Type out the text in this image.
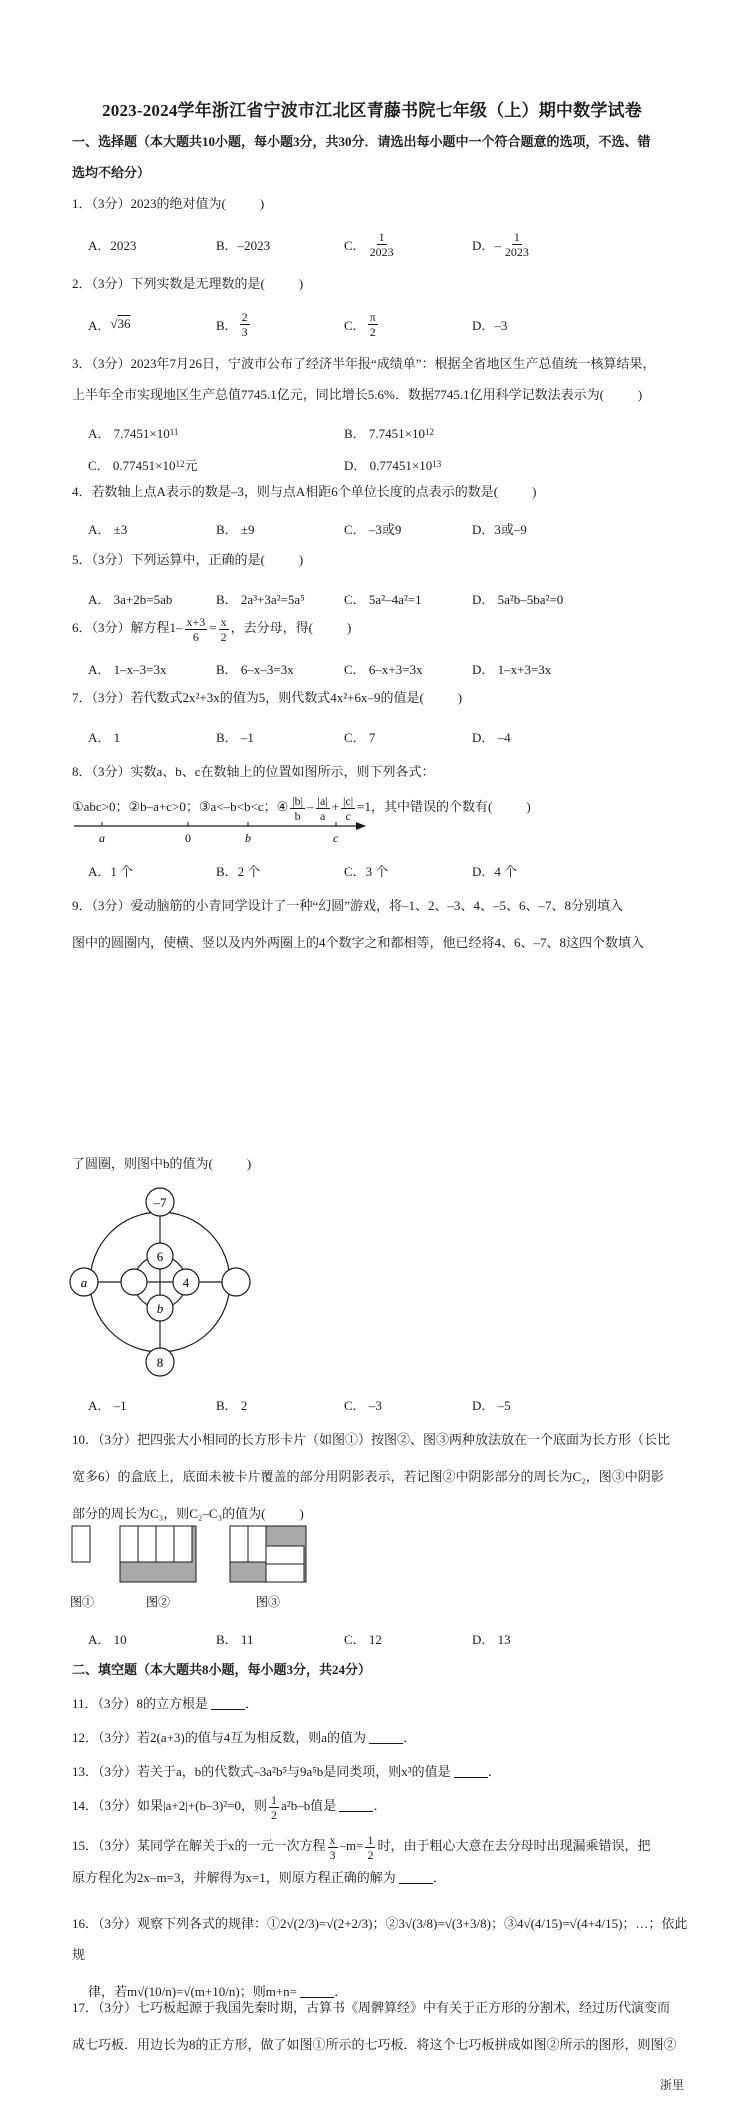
2023-2024学年浙江省宁波市江北区青藤书院七年级（上）期中数学试卷
一、选择题（本大题共10小题，每小题3分，共30分．请选出每小题中一个符合题意的选项，不选、错
选均不给分）
1．（3分）2023的绝对值为(	)
A．2023	B．–2023	C． $\frac{1}{2023}$	D．– $\frac{1}{2023}$
2．（3分）下列实数是无理数的是(	)
A． √ 36	B． $\frac{2}{3}$	C． $\frac{\pi}{2}$	D．–3
3．（3分）2023年7月26日，宁波市公布了经济半年报“成绩单”：根据全省地区生产总值统一核算结果，
上半年全市实现地区生产总值7745.1亿元，同比增长5.6%．数据7745.1亿用科学记数法表示为(	)
A． 7.7451×10 11	B． 7.7451×10 12
C． 0.77451×10 12 元	D． 0.77451×10 13
4．若数轴上点A表示的数是–3，则与点A相距6个单位长度的点表示的数是(	)
A． ±3	B． ±9	C． –3或9	D．3或–9
5．（3分）下列运算中，正确的是(	)
A． 3a+2b=5ab	B． 2a³+3a²=5a⁵	C． 5a²–4a²=1	D． 5a²b–5ba²=0
6．（3分）解方程$1- \frac{x+3}{6} = \frac{x}{2}$ ，去分母，得(	)
A． 1–x–3=3x	B． 6–x–3=3x	C． 6–x+3=3x	D． 1–x+3=3x
7．（3分）若代数式2x²+3x的值为5，则代数式4x²+6x–9的值是(	)
A． 1	B． –1	C． 7	D． –4
8．（3分）实数a、b、c在数轴上的位置如图所示，则下列各式：
①abc>0；②b–a+c>0；③a<–b<b<c；④ $\frac{|b|}{b} - \frac{|a|}{a} + \frac{|c|}{c} =1$，其中错误的个数有(	)
a	0	b	c
A．1 个	B．2 个	C．3 个	D．4 个
9．（3分）爱动脑筋的小青同学设计了一种“幻圆”游戏，将–1、2、–3、4、–5、6、–7、8分别填入
图中的圆圈内，使横、竖以及内外两圈上的4个数字之和都相等，他已经将4、6、–7、8这四个数填入
了圆圈，则图中b的值为(	)
–7
a
6
4
b
8
A． –1	B． 2	C． –3	D． –5
10．（3分）把四张大小相同的长方形卡片（如图①）按图②、图③两种放法放在一个底面为长方形（长比
宽多6）的盒底上，底面未被卡片覆盖的部分用阴影表示，若记图②中阴影部分的周长为C₂，图③中阴影
部分的周长为C₃，则C₂–C₃的值为(	)
图①	图②	图③
A． 10	B． 11	C． 12	D． 13
二、填空题（本大题共8小题，每小题3分，共24分）
11．（3分）8的立方根是	．
12．（3分）若2(a+3)的值与4互为相反数，则a的值为	．
13．（3分）若关于a，b的代数式–3a²b⁵与9a⁵b是同类项，则x³的值是	．
14．（3分）如果|a+2|+(b–3)²=0，则 $\frac{1}{2} a^2b-b$值是	．
15．（3分）某同学在解关于x的一元一次方程 $\frac{x}{3} -m= \frac{1}{2}$ 时，由于粗心大意在去分母时出现漏乘错误，把
原方程化为2x–m=3，并解得为x=1，则原方程正确的解为	．
16．（3分）观察下列各式的规律：①2√(2/3)=√(2+2/3)；②3√(3/8)=√(3+3/8)；③4√(4/15)=√(4+4/15)；…；依此规
律，若m√(10/n)=√(m+10/n)；则m+n=	．
17．（3分）七巧板起源于我国先秦时期，古算书《周髀算经》中有关于正方形的分割术，经过历代演变而
成七巧板．用边长为8的正方形，做了如图①所示的七巧板．将这个七巧板拼成如图②所示的图形，则图②
浙里
